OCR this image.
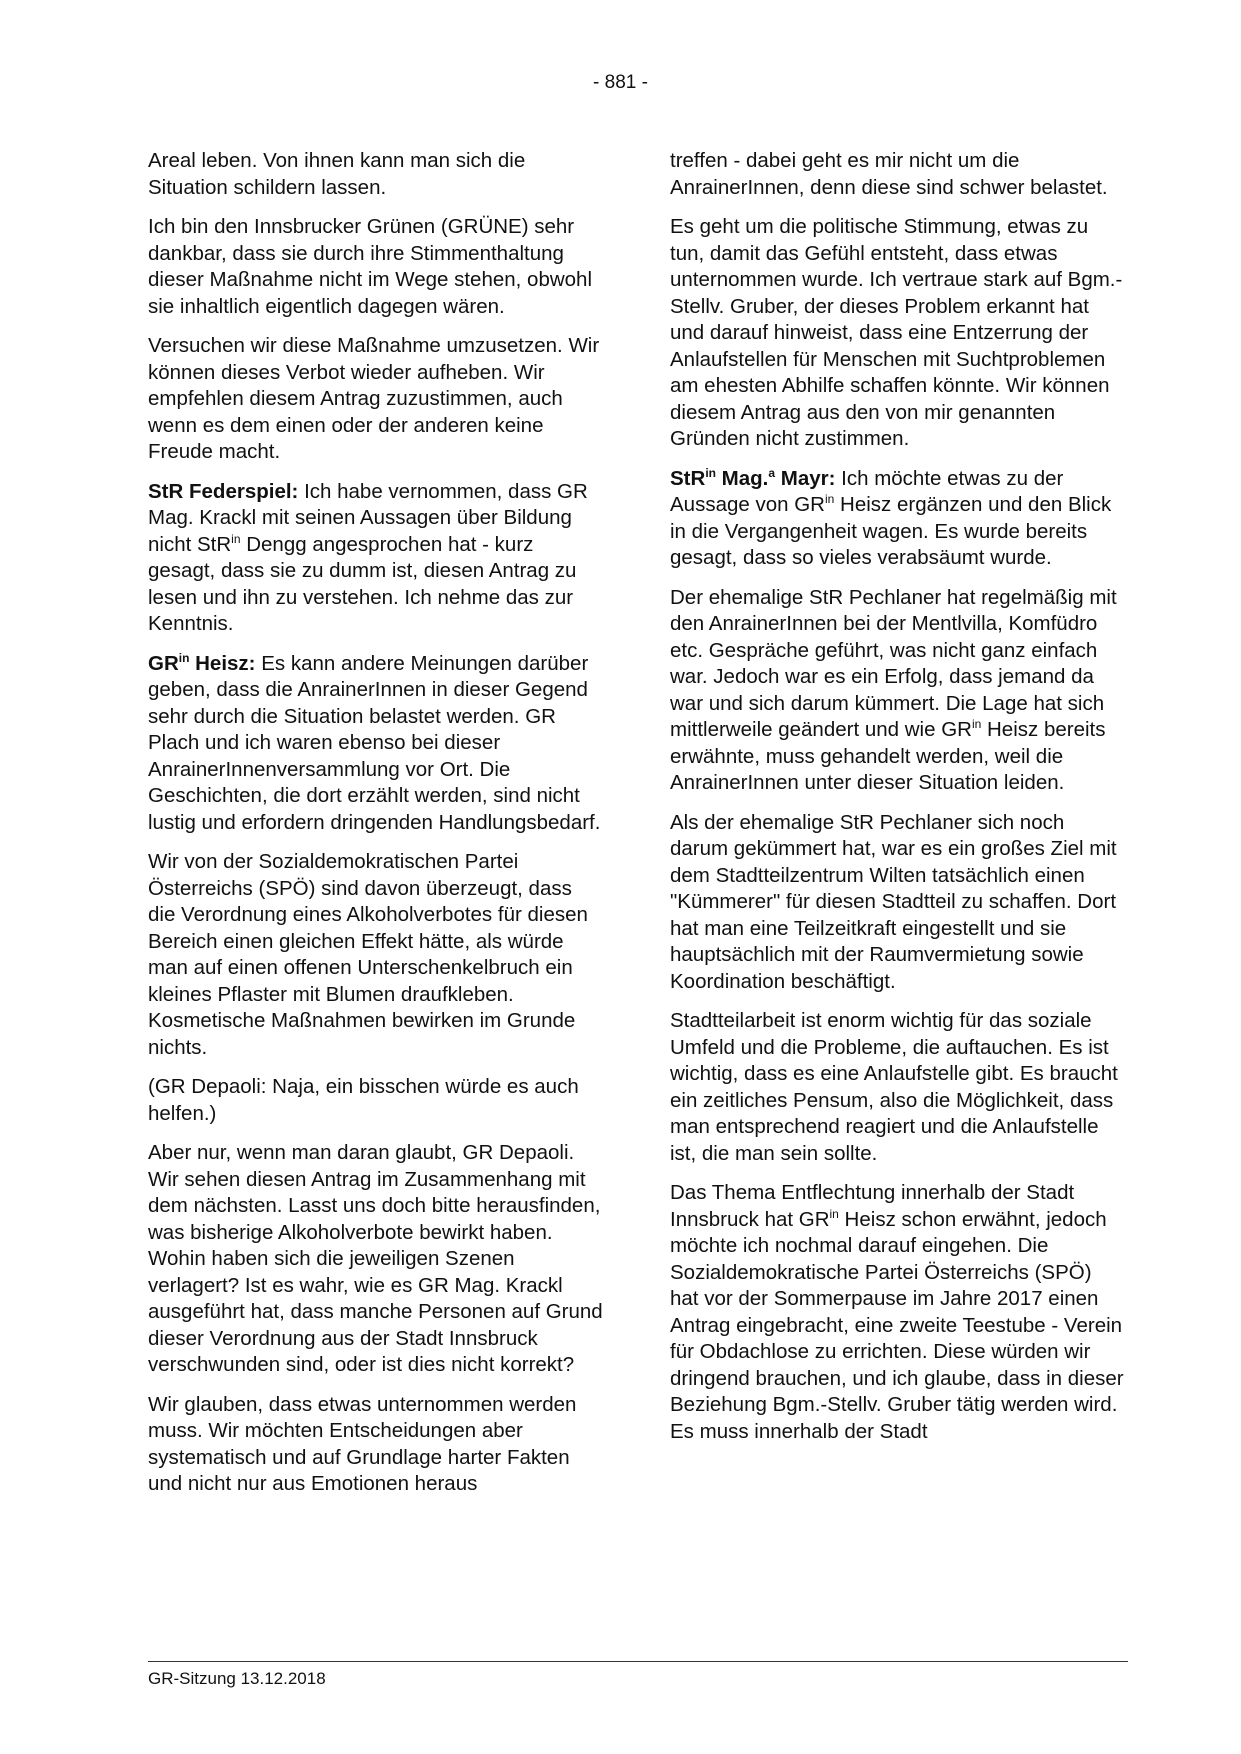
- 881 -

Areal leben. Von ihnen kann man sich die Situation schildern lassen.

Ich bin den Innsbrucker Grünen (GRÜNE) sehr dankbar, dass sie durch ihre Stimmenthaltung dieser Maßnahme nicht im Wege stehen, obwohl sie inhaltlich eigentlich dagegen wären.

Versuchen wir diese Maßnahme umzusetzen. Wir können dieses Verbot wieder aufheben. Wir empfehlen diesem Antrag zuzustimmen, auch wenn es dem einen oder der anderen keine Freude macht.

StR Federspiel: Ich habe vernommen, dass GR Mag. Krackl mit seinen Aussagen über Bildung nicht StR$^{in}$ Dengg angesprochen hat - kurz gesagt, dass sie zu dumm ist, diesen Antrag zu lesen und ihn zu verstehen. Ich nehme das zur Kenntnis.

$GR^{in}$ Heisz: Es kann andere Meinungen darüber geben, dass die AnrainerInnen in dieser Gegend sehr durch die Situation belastet werden. GR Plach und ich waren ebenso bei dieser AnrainerInnenversammlung vor Ort. Die Geschichten, die dort erzählt werden, sind nicht lustig und erfordern dringenden Handlungsbedarf.

Wir von der Sozialdemokratischen Partei Österreichs (SPÖ) sind davon überzeugt, dass die Verordnung eines Alkoholverbotes für diesen Bereich einen gleichen Effekt hätte, als würde man auf einen offenen Unterschenkelbruch ein kleines Pflaster mit Blumen draufkleben. Kosmetische Maßnahmen bewirken im Grunde nichts.

(GR Depaoli: Naja, ein bisschen würde es auch helfen.)

Aber nur, wenn man daran glaubt, GR Depaoli. Wir sehen diesen Antrag im Zusammenhang mit dem nächsten. Lasst uns doch bitte herausfinden, was bisherige Alkoholverbote bewirkt haben. Wohin haben sich die jeweiligen Szenen verlagert? Ist es wahr, wie es GR Mag. Krackl ausgeführt hat, dass manche Personen auf Grund dieser Verordnung aus der Stadt Innsbruck verschwunden sind, oder ist dies nicht korrekt?

Wir glauben, dass etwas unternommen werden muss. Wir möchten Entscheidungen aber systematisch und auf Grundlage harter Fakten und nicht nur aus Emotionen heraus

treffen - dabei geht es mir nicht um die AnrainerInnen, denn diese sind schwer belastet.

Es geht um die politische Stimmung, etwas zu tun, damit das Gefühl entsteht, dass etwas unternommen wurde. Ich vertraue stark auf Bgm.-Stellv. Gruber, der dieses Problem erkannt hat und darauf hinweist, dass eine Entzerrung der Anlaufstellen für Menschen mit Suchtproblemen am ehesten Abhilfe schaffen könnte. Wir können diesem Antrag aus den von mir genannten Gründen nicht zustimmen.

StR$^{in}$ Mag.$^a$ Mayr: Ich möchte etwas zu der Aussage von $GR^{in}$ Heisz ergänzen und den Blick in die Vergangenheit wagen. Es wurde bereits gesagt, dass so vieles verabsäumt wurde.

Der ehemalige StR Pechlaner hat regelmäßig mit den AnrainerInnen bei der Mentlvilla, Komfüdro etc. Gespräche geführt, was nicht ganz einfach war. Jedoch war es ein Erfolg, dass jemand da war und sich darum kümmert. Die Lage hat sich mittlerweile geändert und wie $GR^{in}$ Heisz bereits erwähnte, muss gehandelt werden, weil die AnrainerInnen unter dieser Situation leiden.

Als der ehemalige StR Pechlaner sich noch darum gekümmert hat, war es ein großes Ziel mit dem Stadtteilzentrum Wilten tatsächlich einen "Kümmerer" für diesen Stadtteil zu schaffen. Dort hat man eine Teilzeitkraft eingestellt und sie hauptsächlich mit der Raumvermietung sowie Koordination beschäftigt.

Stadtteilarbeit ist enorm wichtig für das soziale Umfeld und die Probleme, die auftauchen. Es ist wichtig, dass es eine Anlaufstelle gibt. Es braucht ein zeitliches Pensum, also die Möglichkeit, dass man entsprechend reagiert und die Anlaufstelle ist, die man sein sollte.

Das Thema Entflechtung innerhalb der Stadt Innsbruck hat $GR^{in}$ Heisz schon erwähnt, jedoch möchte ich nochmal darauf eingehen. Die Sozialdemokratische Partei Österreichs (SPÖ) hat vor der Sommerpause im Jahre 2017 einen Antrag eingebracht, eine zweite Teestube - Verein für Obdachlose zu errichten. Diese würden wir dringend brauchen, und ich glaube, dass in dieser Beziehung Bgm.-Stellv. Gruber tätig werden wird. Es muss innerhalb der Stadt

GR-Sitzung 13.12.2018
